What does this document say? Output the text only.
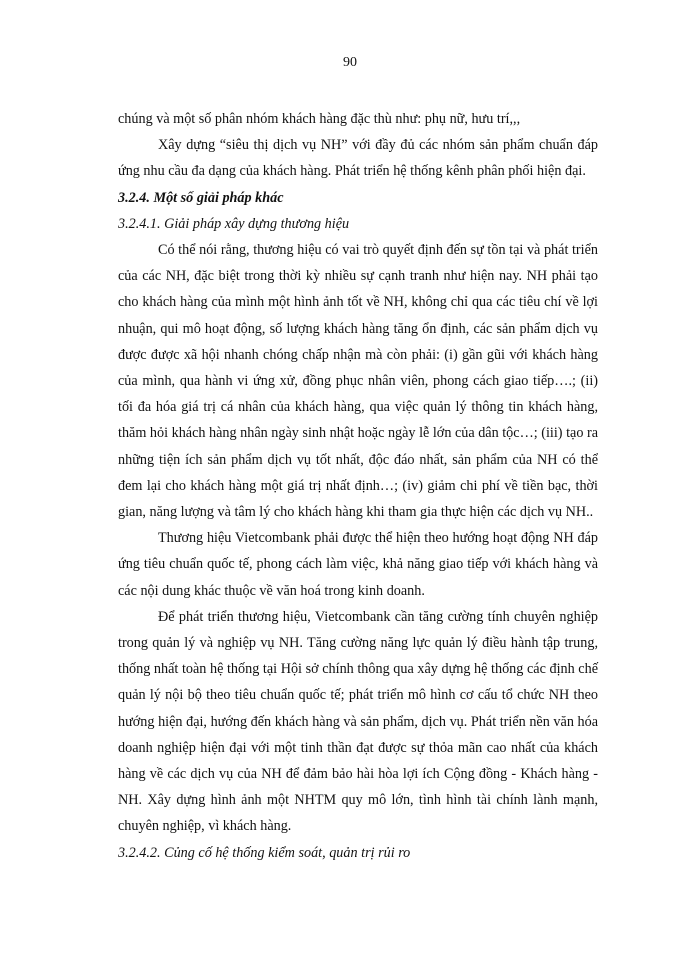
90

chúng và một số phân nhóm khách hàng đặc thù như: phụ nữ, hưu trí,,,

Xây dựng “siêu thị dịch vụ NH” với đầy đủ các nhóm sản phẩm chuẩn đáp ứng nhu cầu đa dạng của khách hàng. Phát triển hệ thống kênh phân phối hiện đại.

3.2.4. Một số giải pháp khác

3.2.4.1. Giải pháp xây dựng thương hiệu

Có thể nói rằng, thương hiệu có vai trò quyết định đến sự tồn tại và phát triển của các NH, đặc biệt trong thời kỳ nhiều sự cạnh tranh như hiện nay. NH phải tạo cho khách hàng của mình một hình ảnh tốt về NH, không chỉ qua các tiêu chí về lợi nhuận, qui mô hoạt động, số lượng khách hàng tăng ổn định, các sản phẩm dịch vụ được được xã hội nhanh chóng chấp nhận mà còn phải: (i) gần gũi với khách hàng của mình, qua hành vi ứng xử, đồng phục nhân viên, phong cách giao tiếp….; (ii) tối đa hóa giá trị cá nhân của khách hàng, qua việc quản lý thông tin khách hàng, thăm hỏi khách hàng nhân ngày sinh nhật hoặc ngày lễ lớn của dân tộc…; (iii) tạo ra những tiện ích sản phẩm dịch vụ tốt nhất, độc đáo nhất, sản phẩm của NH có thể đem lại cho khách hàng một giá trị nhất định…; (iv) giảm chi phí về tiền bạc, thời gian, năng lượng và tâm lý cho khách hàng khi tham gia thực hiện các dịch vụ NH..

Thương hiệu Vietcombank phải được thể hiện theo hướng hoạt động NH đáp ứng tiêu chuẩn quốc tế, phong cách làm việc, khả năng giao tiếp với khách hàng và các nội dung khác thuộc về văn hoá trong kinh doanh.

Để phát triển thương hiệu, Vietcombank cần tăng cường tính chuyên nghiệp trong quản lý và nghiệp vụ NH. Tăng cường năng lực quản lý điều hành tập trung, thống nhất toàn hệ thống tại Hội sở chính thông qua xây dựng hệ thống các định chế quản lý nội bộ theo tiêu chuẩn quốc tế; phát triển mô hình cơ cấu tổ chức NH theo hướng hiện đại, hướng đến khách hàng và sản phẩm, dịch vụ. Phát triển nền văn hóa doanh nghiệp hiện đại với một tinh thần đạt được sự thỏa mãn cao nhất của khách hàng về các dịch vụ của NH để đảm bảo hài hòa lợi ích Cộng đồng - Khách hàng - NH. Xây dựng hình ảnh một NHTM quy mô lớn, tình hình tài chính lành mạnh, chuyên nghiệp, vì khách hàng.

3.2.4.2. Củng cố hệ thống kiểm soát, quản trị rủi ro
